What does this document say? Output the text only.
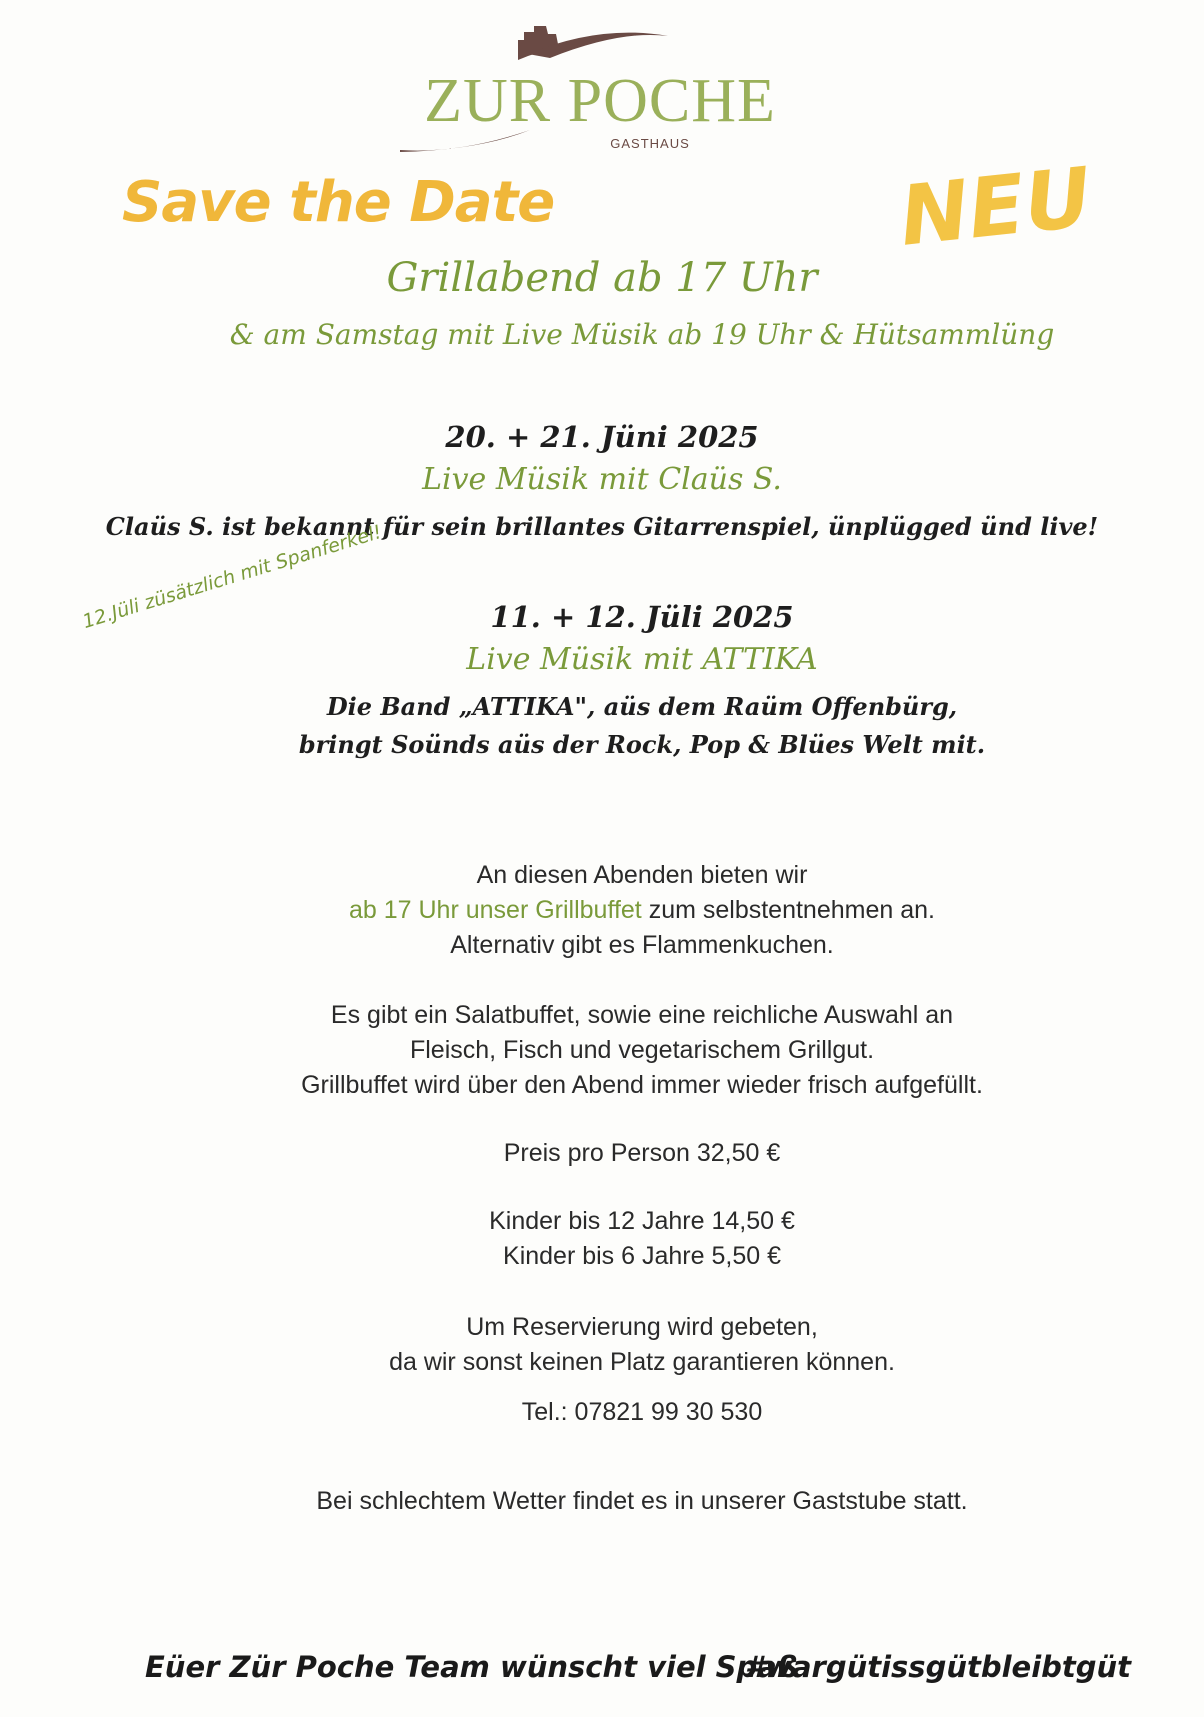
ZUR POCHE
GASTHAUS
Save the Date	NEU
Grillabend ab 17 Uhr
& am Samstag mit Live Müsik ab 19 Uhr & Hütsammlüng
20. + 21. Jüni 2025
Live Müsik mit Claüs S.
Claüs S. ist bekannt für sein brillantes Gitarrenspiel, ünplügged ünd live!
12.Jüli züsätzlich mit Spanferkel!	11. + 12. Jüli 2025
Live Müsik mit ATTIKA
Die Band „ATTIKA", aüs dem Raüm Offenbürg,
bringt Soünds aüs der Rock, Pop & Blües Welt mit.
An diesen Abenden bieten wir
ab 17 Uhr unser Grillbuffet zum selbstentnehmen an.
Alternativ gibt es Flammenkuchen.
Es gibt ein Salatbuffet, sowie eine reichliche Auswahl an
Fleisch, Fisch und vegetarischem Grillgut.
Grillbuffet wird über den Abend immer wieder frisch aufgefüllt.
Preis pro Person 32,50 €
Kinder bis 12 Jahre 14,50 €
Kinder bis 6 Jahre 5,50 €
Um Reservierung wird gebeten,
da wir sonst keinen Platz garantieren können.
Tel.: 07821 99 30 530
Bei schlechtem Wetter findet es in unserer Gaststube statt.
Eüer Zür Poche Team wünscht viel Spaß
#wargütissgütbleibtgüt
